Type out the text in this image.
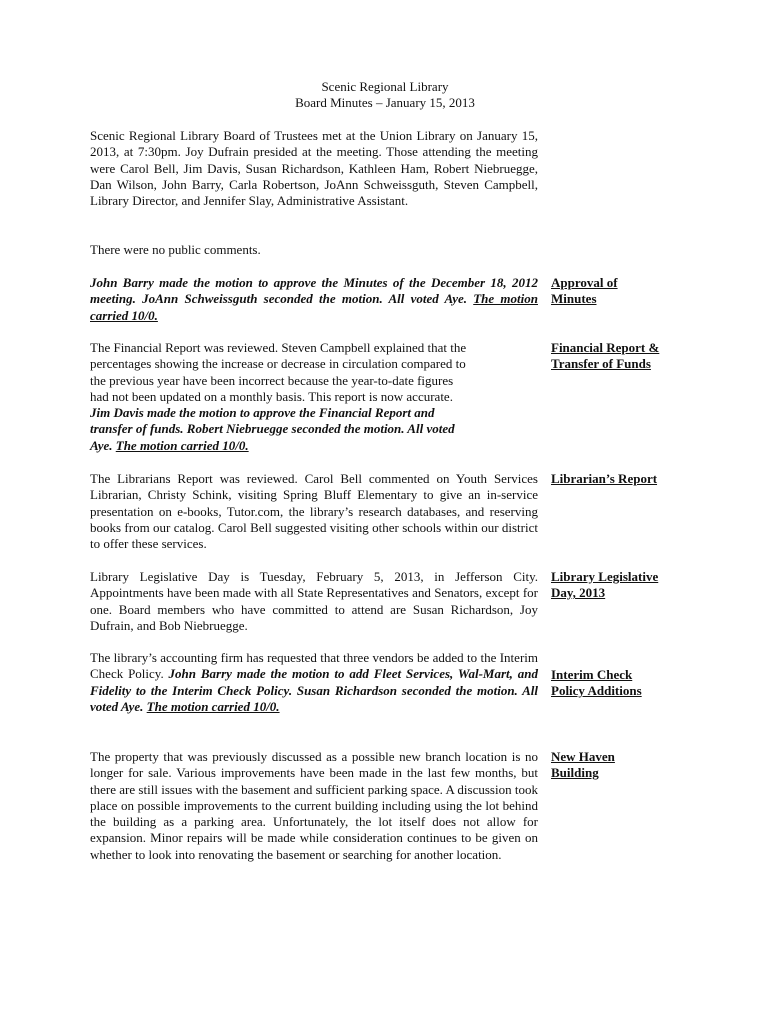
Scenic Regional Library
Board Minutes – January 15, 2013

Scenic Regional Library Board of Trustees met at the Union Library on January 15, 2013, at 7:30pm. Joy Dufrain presided at the meeting. Those attending the meeting were Carol Bell, Jim Davis, Susan Richardson, Kathleen Ham, Robert Niebruegge, Dan Wilson, John Barry, Carla Robertson, JoAnn Schweissguth, Steven Campbell, Library Director, and Jennifer Slay, Administrative Assistant.

There were no public comments.

John Barry made the motion to approve the Minutes of the December 18, 2012 meeting. JoAnn Schweissguth seconded the motion. All voted Aye. The motion carried 10/0.

Approval of
Minutes
The Financial Report was reviewed. Steven Campbell explained that the
percentages showing the increase or decrease in circulation compared to
the previous year have been incorrect because the year-to-date figures
had not been updated on a monthly basis. This report is now accurate.
Jim Davis made the motion to approve the Financial Report and
transfer of funds. Robert Niebruegge seconded the motion. All voted
Aye. The motion carried 10/0.
Financial Report &
Transfer of Funds

The Librarians Report was reviewed. Carol Bell commented on Youth Services Librarian, Christy Schink, visiting Spring Bluff Elementary to give an in-service presentation on e-books, Tutor.com, the library’s research databases, and reserving books from our catalog. Carol Bell suggested visiting other schools within our district to offer these services.

Librarian’s Report

Library Legislative Day is Tuesday, February 5, 2013, in Jefferson City. Appointments have been made with all State Representatives and Senators, except for one. Board members who have committed to attend are Susan Richardson, Joy Dufrain, and Bob Niebruegge.

Library Legislative
Day, 2013

The library’s accounting firm has requested that three vendors be added to the Interim Check Policy. John Barry made the motion to add Fleet Services, Wal-Mart, and Fidelity to the Interim Check Policy. Susan Richardson seconded the motion. All voted Aye. The motion carried 10/0.

Interim Check
Policy Additions

The property that was previously discussed as a possible new branch location is no longer for sale. Various improvements have been made in the last few months, but there are still issues with the basement and sufficient parking space. A discussion took place on possible improvements to the current building including using the lot behind the building as a parking area. Unfortunately, the lot itself does not allow for expansion. Minor repairs will be made while consideration continues to be given on whether to look into renovating the basement or searching for another location.

New Haven
Building
